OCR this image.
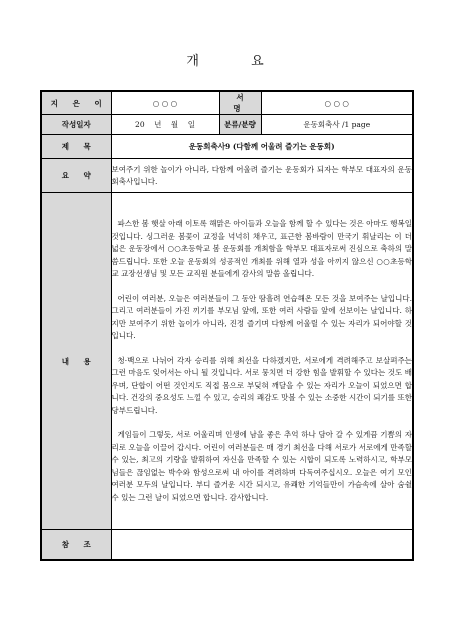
개 요
지 은 이	○ ○ ○	서 명	○ ○ ○
작성일자	20    년    월    일	분류/분량	운동회축사 /1 page
제 목	운동회축사9 (다함께 어울려 즐기는 운동회)		
요 약	보여주기 위한 놀이가 아니라, 다함께 어울려 즐기는 운동회가 되자는 학부모 대표자의 운동회축사입니다.		
내 용	파스한 봄 햇살 아래 이토록 해맑은 아이들과 오늘을 함께 할 수 있다는 것은 아마도 행복일 것입니다. 싱그러운 봄꽃이 교정을 넉넉히 채우고, 표근한 봄바람이 만국기 휘날리는 이 더 넓은 운동장에서 ○○초등학교 봄 운동회를 개최함을 학부모 대표자로써 진심으로 축하의 말씀드립니다. 또한 오늘 운동회의 성공적인 개최를 위해 열과 성을 아끼지 않으신 ○○초등학교 교장선생님 및 모든 교직원 분들에게 감사의 말씀 올립니다.

어린이 여러분, 오늘은 여러분들이 그 동안 땀흘려 연습해온 모든 것을 보여주는 날입니다. 그리고 여러분들이 가진 끼기를 부모님 앞에, 또한 여러 사람들 앞에 선보이는 날입니다. 하지만 보여주기 위한 놀이가 아니라, 진정 즐기며 다함께 어울릴 수 있는 자리가 되어야할 것입니다.

청·백으로 나뉘어 각자 승리를 위해 최선을 다하겠지만, 서로에게 격려해주고 보살펴주는 그런 마음도 잊어서는 아니 될 것입니다. 서로 뭉치면 더 강한 힘을 발휘할 수 있다는 것도 배우며, 단합이 어떤 것인지도 직접 몸으로 부딪혀 깨달을 수 있는 자리가 오늘이 되었으면 합니다. 건강의 중요성도 느낄 수 있고, 승리의 쾌감도 맛볼 수 있는 소중한 시간이 되기를 또한 당부드립니다.

게임들이 그렇듯, 서로 어울리며 인생에 남을 좋은 추억 하나 담아 갈 수 있게끔 기쁨의 자리로 오늘을 이끌어 갑시다. 어린이 여러분들은 매 경기 최선을 다해 서로가 서로에게 만족할 수 있는, 최고의 기량을 발휘하여 자신을 만족할 수 있는 시합이 되도록 노력하시고, 학부모님들은 끊임없는 박수와 함성으로써 내 아이를 격려하며 다독여주십시오. 오늘은 여기 모인 여러분 모두의 날입니다. 부디 즐거운 시간 되시고, 유쾌한 기억들만이 가슴속에 살아 숨쉴 수 있는 그런 날이 되었으면 합니다. 감사합니다.		

참 조			
